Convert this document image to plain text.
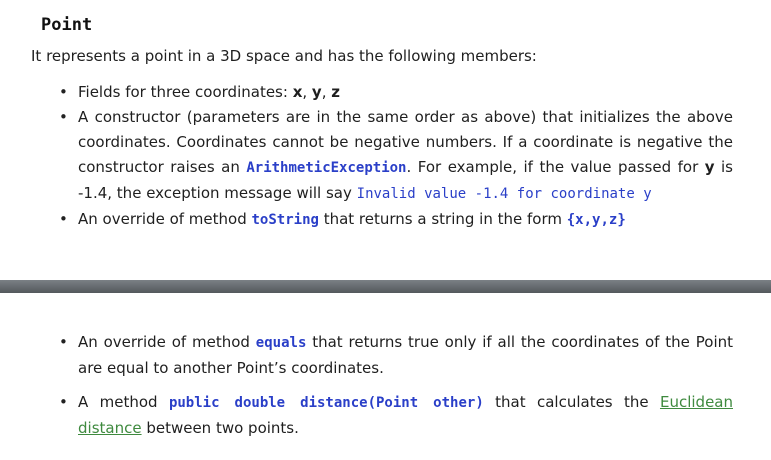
Point

It represents a point in a 3D space and has the following members:

• Fields for three coordinates: x, y, z
• A constructor (parameters are in the same order as above) that initializes the above coordinates. Coordinates cannot be negative numbers. If a coordinate is negative the constructor raises an ArithmeticException. For example, if the value passed for y is -1.4, the exception message will say Invalid value -1.4 for coordinate y
• An override of method toString that returns a string in the form {x,y,z}
• An override of method equals that returns true only if all the coordinates of the Point are equal to another Point’s coordinates.
• A method public double distance(Point other) that calculates the Euclidean distance between two points.
